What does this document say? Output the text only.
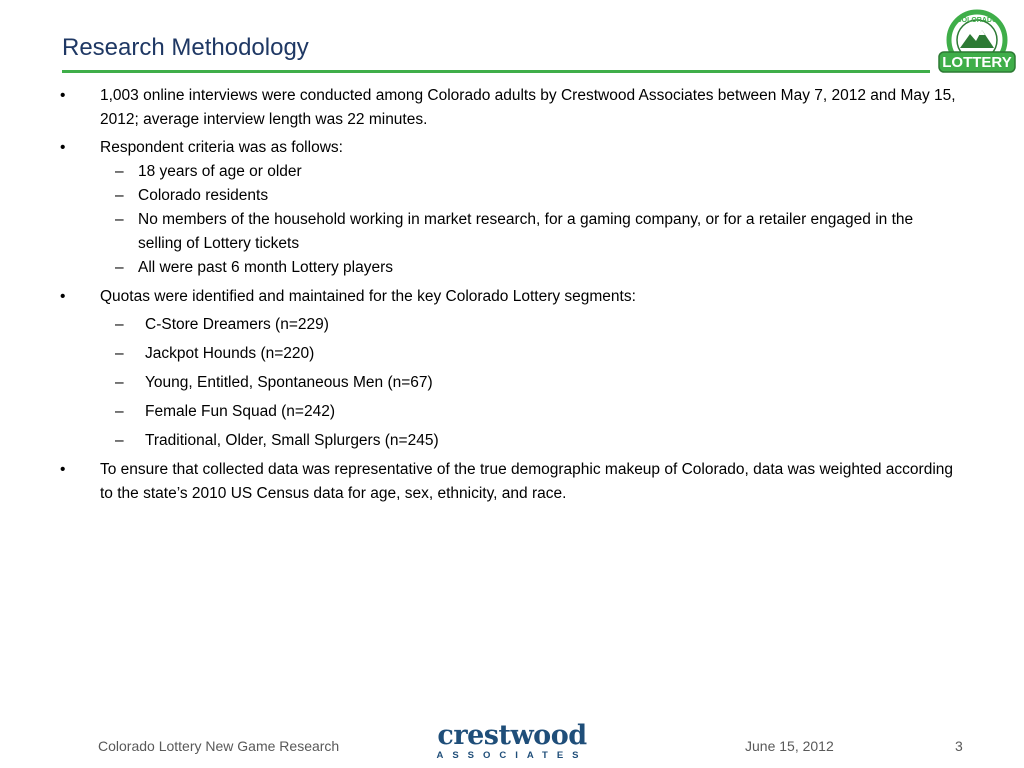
Research Methodology
COLORADO
LOTTERY
•	1,003 online interviews were conducted among Colorado adults by Crestwood Associates between May 7, 2012 and May 15, 2012; average interview length was 22 minutes.
•	Respondent criteria was as follows:
– 18 years of age or older
– Colorado residents
– No members of the household working in market research, for a gaming company, or for a retailer engaged in the selling of Lottery tickets
– All were past 6 month Lottery players
•	Quotas were identified and maintained for the key Colorado Lottery segments:
– C-Store Dreamers (n=229)
– Jackpot Hounds (n=220)
– Young, Entitled, Spontaneous Men (n=67)
– Female Fun Squad (n=242)
– Traditional, Older, Small Splurgers (n=245)
•	To ensure that collected data was representative of the true demographic makeup of Colorado, data was weighted according to the state’s 2010 US Census data for age, sex, ethnicity, and race.
Colorado Lottery New Game Research	crestwood
ASSOCIATES
June 15, 2012	3
